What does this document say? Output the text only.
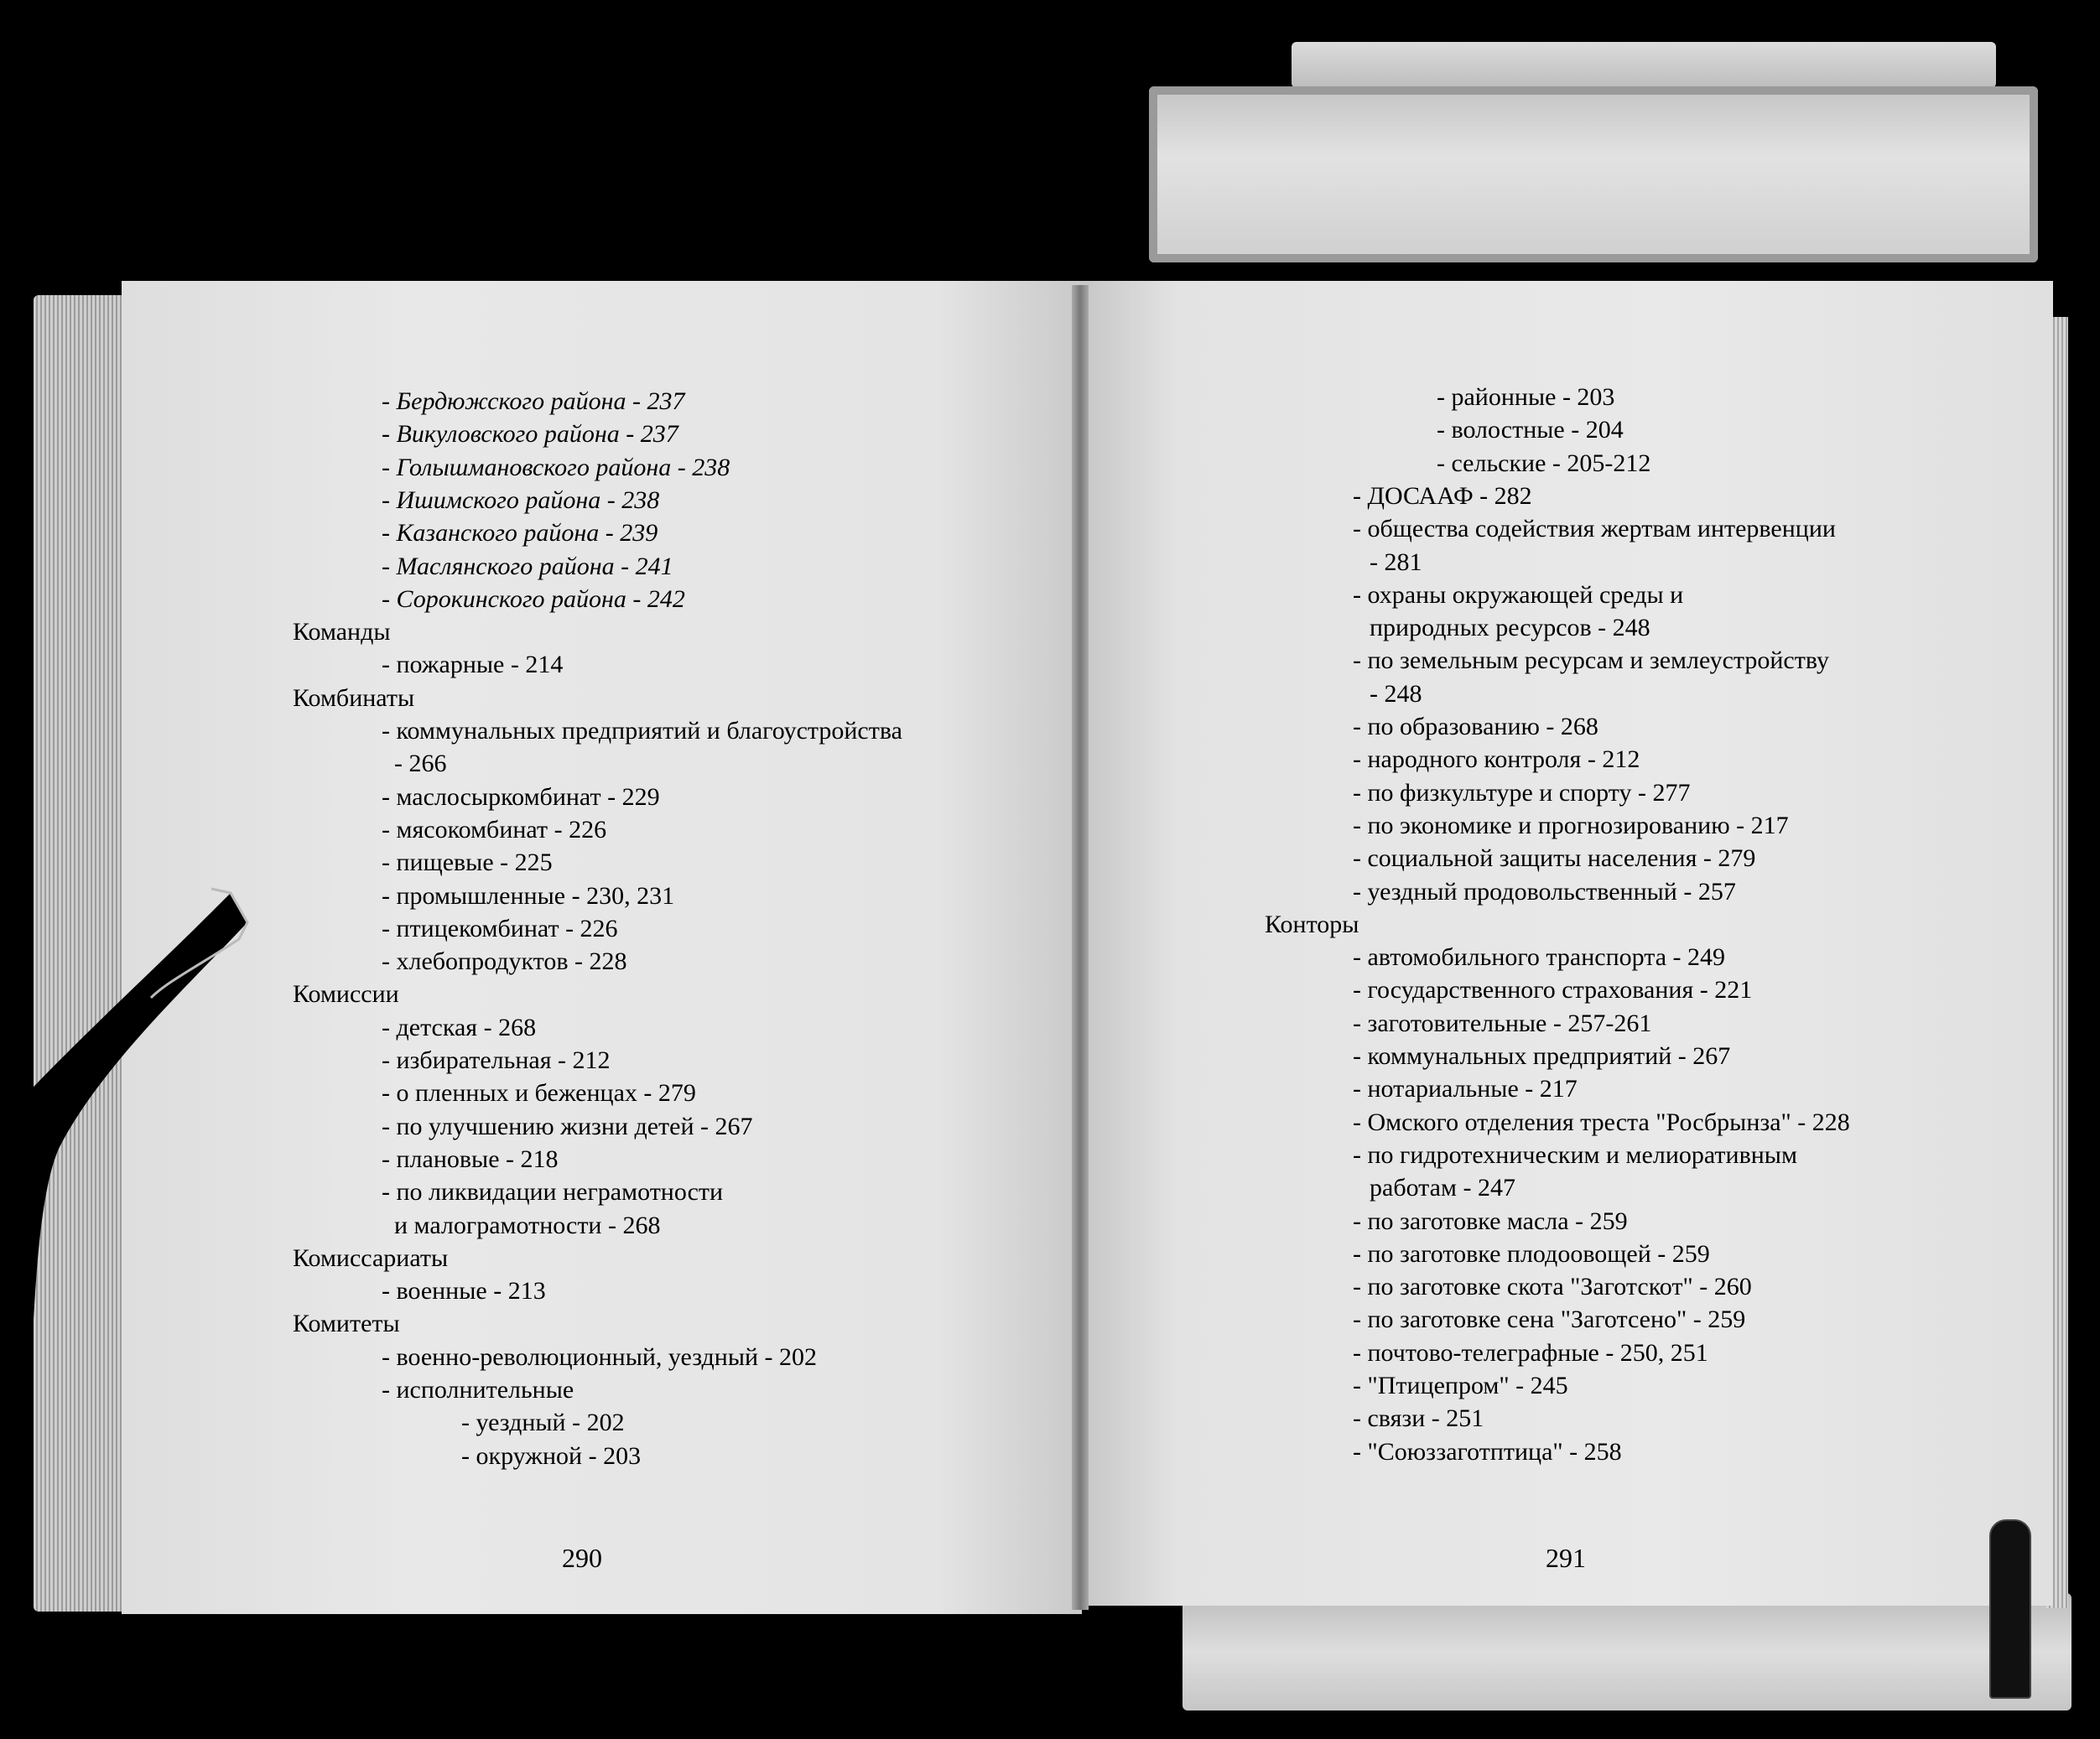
290
- Бердюжского района - 237
- Викуловского района - 237
- Голышмановского района - 238
- Ишимского района - 238
- Казанского района - 239
- Маслянского района - 241
- Сорокинского района - 242
Команды
- пожарные - 214
Комбинаты
- коммунальных предприятий и благоустройства
- 266
- маслосыркомбинат - 229
- мясокомбинат - 226
- пищевые - 225
- промышленные - 230, 231
- птицекомбинат - 226
- хлебопродуктов - 228
Комиссии
- детская - 268
- избирательная - 212
- о пленных и беженцах - 279
- по улучшению жизни детей - 267
- плановые - 218
- по ликвидации неграмотности
и малограмотности - 268
Комиссариаты
- военные - 213
Комитеты
- военно-революционный, уездный - 202
- исполнительные
- уездный - 202
- окружной - 203
291
- районные - 203
- волостные - 204
- сельские - 205-212
- ДОСААФ - 282
- общества содействия жертвам интервенции
- 281
- охраны окружающей среды и
природных ресурсов - 248
- по земельным ресурсам и землеустройству
- 248
- по образованию - 268
- народного контроля - 212
- по физкультуре и спорту - 277
- по экономике и прогнозированию - 217
- социальной защиты населения - 279
- уездный продовольственный - 257
Конторы
- автомобильного транспорта - 249
- государственного страхования - 221
- заготовительные - 257-261
- коммунальных предприятий - 267
- нотариальные - 217
- Омского отделения треста "Росбрынза" - 228
- по гидротехническим и мелиоративным
работам - 247
- по заготовке масла - 259
- по заготовке плодоовощей - 259
- по заготовке скота "Заготскот" - 260
- по заготовке сена "Заготсено" - 259
- почтово-телеграфные - 250, 251
- "Птицепром" - 245
- связи - 251
- "Союззаготптица" - 258
